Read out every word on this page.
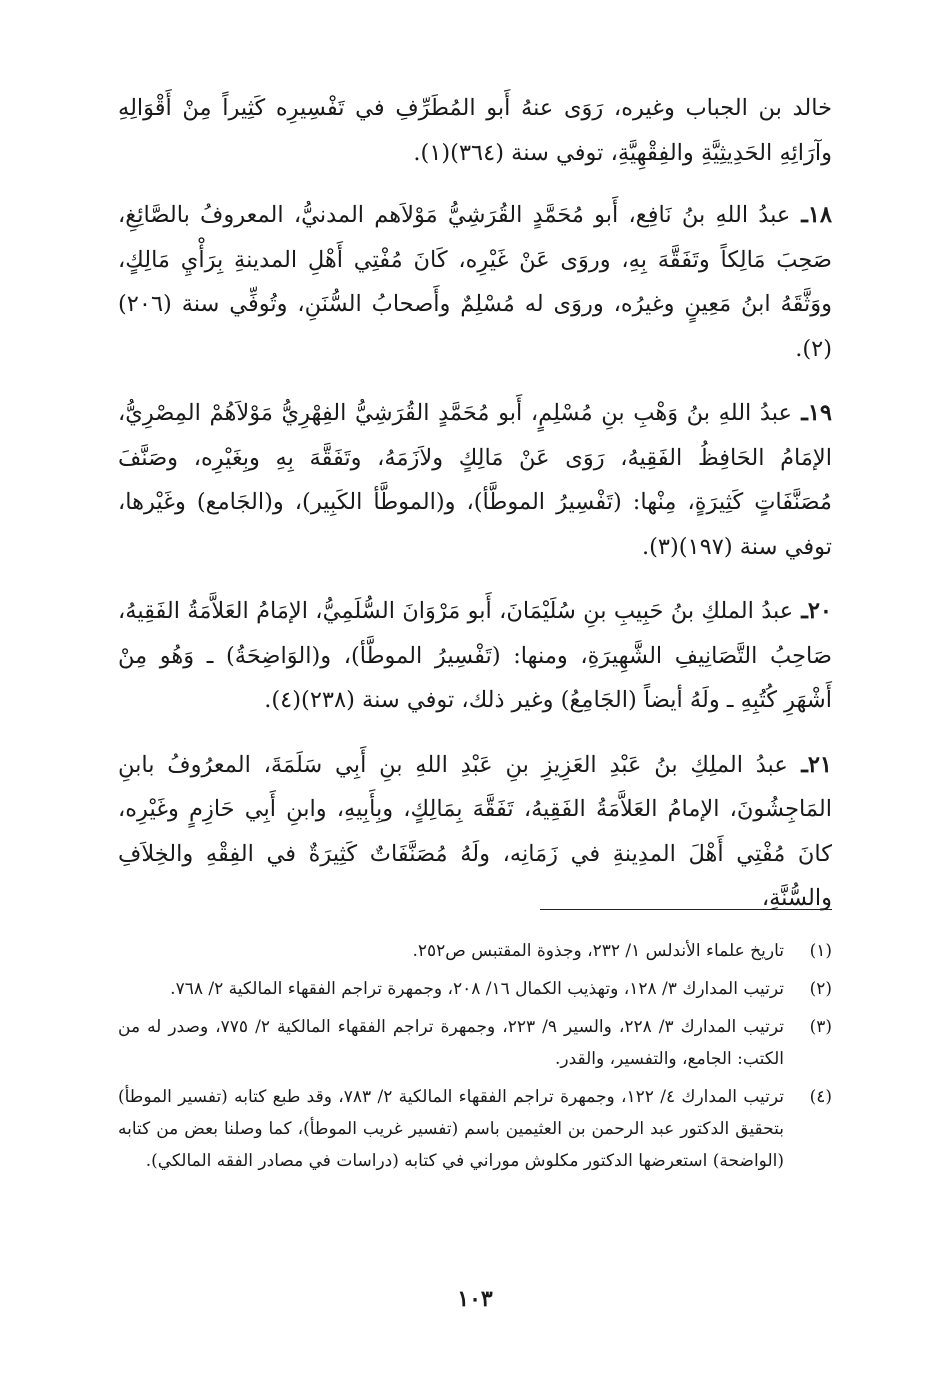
خالد بن الجباب وغيره، رَوَى عنهُ أَبو المُطَرِّفِ في تَفْسِيرِه كَثِيراً مِنْ أَقْوَالِهِ وآرَائِهِ الحَدِيثِيَّةِ والفِقْهِيَّةِ، توفي سنة (٣٦٤)(١).

١٨ـ عبدُ اللهِ بنُ نَافِع، أَبو مُحَمَّدٍ القُرَشِيُّ مَوْلاَهم المدنيُّ، المعروفُ بالصَّائِغِ، صَحِبَ مَالِكاً وتَفَقَّهَ بِهِ، وروَى عَنْ غَيْرِه، كَانَ مُفْتِي أَهْلِ المدينةِ بِرَأْيِ مَالِكٍ، ووَثَّقَهُ ابنُ مَعِينٍ وغيرُه، وروَى له مُسْلِمٌ وأَصحابُ السُّنَنِ، وتُوفِّي سنة (٢٠٦)(٢).

١٩ـ عبدُ اللهِ بنُ وَهْبِ بنِ مُسْلِمٍ، أَبو مُحَمَّدٍ القُرَشِيُّ الفِهْرِيُّ مَوْلاَهُمْ المِصْرِيُّ، الإمَامُ الحَافِظُ الفَقِيهُ، رَوَى عَنْ مَالِكٍ ولاَزَمَهُ، وتَفَقَّهَ بِهِ وبِغَيْرِه، وصَنَّفَ مُصَنَّفَاتٍ كَثِيرَةٍ، مِنْها: (تَفْسِيرُ الموطَّأ)، و(الموطَّأ الكَبِير)، و(الجَامع) وغَيْرها، توفي سنة (١٩٧)(٣).

٢٠ـ عبدُ الملكِ بنُ حَبِيبِ بنِ سُلَيْمَانَ، أَبو مَرْوَانَ السُّلَمِيُّ، الإمَامُ العَلاَّمَةُ الفَقِيهُ، صَاحِبُ التَّصَانِيفِ الشَّهِيرَةِ، ومنها: (تَفْسِيرُ الموطَّأ)، و(الوَاضِحَةُ) ـ وَهُو مِنْ أَشْهَرِ كُتُبِهِ ـ ولَهُ أيضاً (الجَامِعُ) وغير ذلك، توفي سنة (٢٣٨)(٤).

٢١ـ عبدُ الملِكِ بنُ عَبْدِ العَزِيزِ بنِ عَبْدِ اللهِ بنِ أَبِي سَلَمَةَ، المعرُوفُ بابنِ المَاجِشُونَ، الإمامُ العَلاَّمَةُ الفَقِيهُ، تَفَقَّهَ بِمَالِكٍ، وبِأَبِيهِ، وابنِ أَبِي حَازِمٍ وغَيْرِه، كانَ مُفْتِي أَهْلَ المدِينةِ في زَمَانِه، ولَهُ مُصَنَّفَاتٌ كَثِيرَةٌ في الفِقْهِ والخِلاَفِ والسُّنَّةِ،

(١)
تاريخ علماء الأندلس ١/ ٢٣٢، وجذوة المقتبس ص٢٥٢.
(٢)
ترتيب المدارك ٣/ ١٢٨، وتهذيب الكمال ١٦/ ٢٠٨، وجمهرة تراجم الفقهاء المالكية ٢/ ٧٦٨.
(٣)
ترتيب المدارك ٣/ ٢٢٨، والسير ٩/ ٢٢٣، وجمهرة تراجم الفقهاء المالكية ٢/ ٧٧٥، وصدر له من الكتب: الجامع، والتفسير، والقدر.
(٤)
ترتيب المدارك ٤/ ١٢٢، وجمهرة تراجم الفقهاء المالكية ٢/ ٧٨٣، وقد طبع كتابه (تفسير الموطأ) بتحقيق الدكتور عبد الرحمن بن العثيمين باسم (تفسير غريب الموطأ)، كما وصلنا بعض من كتابه (الواضحة) استعرضها الدكتور مكلوش موراني في كتابه (دراسات في مصادر الفقه المالكي).
١٠٣
